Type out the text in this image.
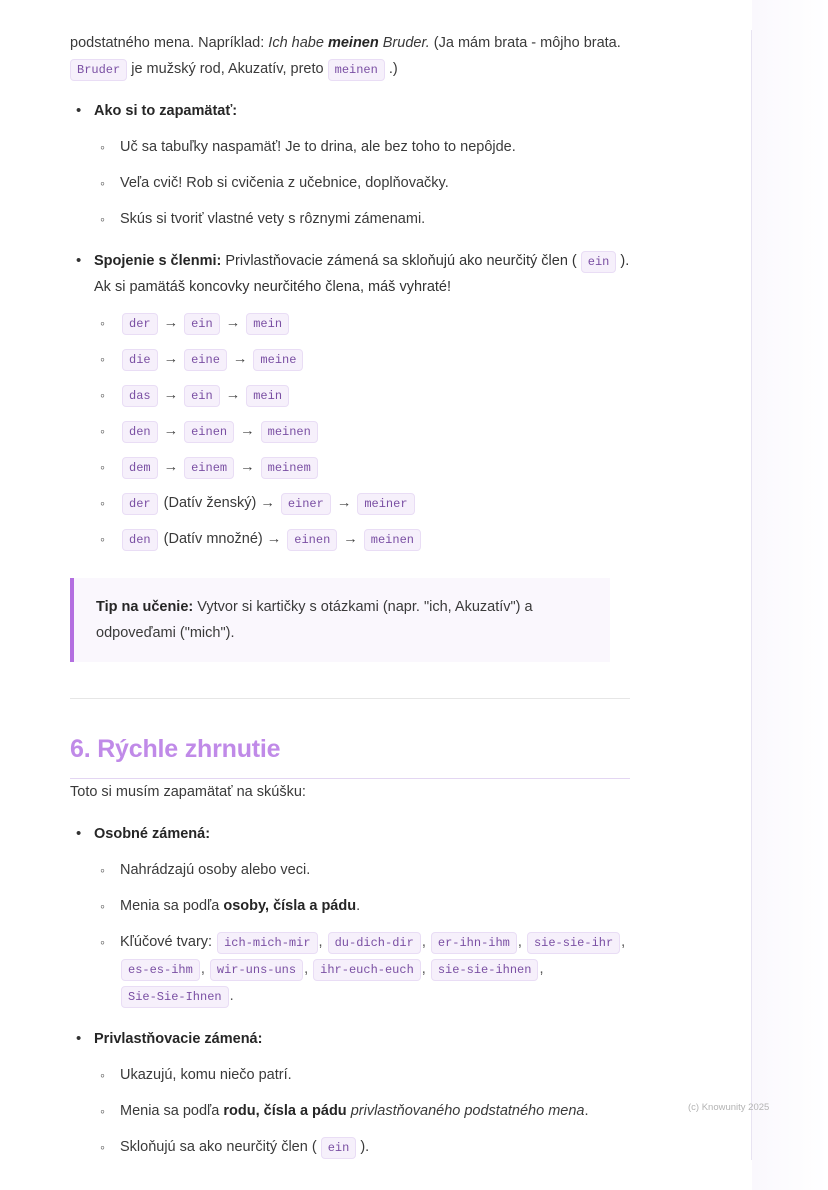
podstatného mena. Napríklad: Ich habe meinen Bruder. (Ja mám brata - môjho brata. Bruder je mužský rod, Akuzatív, preto meinen .)

• Ako si to zapamätať:
◦ Uč sa tabuľky naspamäť! Je to drina, ale bez toho to nepôjde.
◦ Veľa cvič! Rob si cvičenia z učebnice, doplňovačky.
◦ Skús si tvoriť vlastné vety s rôznymi zámenami.
• Spojenie s členmi: Privlastňovacie zámená sa skloňujú ako neurčitý člen ( ein ). Ak si pamätáš koncovky neurčitého člena, máš vyhraté!
◦ der → ein → mein
◦ die → eine → meine
◦ das → ein → mein
◦ den → einen → meinen
◦ dem → einem → meinem
◦ der (Datív ženský) → einer → meiner
◦ den (Datív množné) → einen → meinen
Tip na učenie: Vytvor si kartičky s otázkami (napr. "ich, Akuzatív") a odpoveďami ("mich").
6. Rýchle zhrnutie

Toto si musím zapamätať na skúšku:

• Osobné zámená:
◦ Nahrádzajú osoby alebo veci.
◦ Menia sa podľa osoby, čísla a pádu.
◦ Kľúčové tvary: ich-mich-mir , du-dich-dir , er-ihn-ihm , sie-sie-ihr , es-es-ihm , wir-uns-uns , ihr-euch-euch , sie-sie-ihnen , Sie-Sie-Ihnen .
• Privlastňovacie zámená:
◦ Ukazujú, komu niečo patrí.
◦ Menia sa podľa rodu, čísla a pádu privlastňovaného podstatného mena.
◦ Skloňujú sa ako neurčitý člen ( ein ).
(c) Knowunity 2025
